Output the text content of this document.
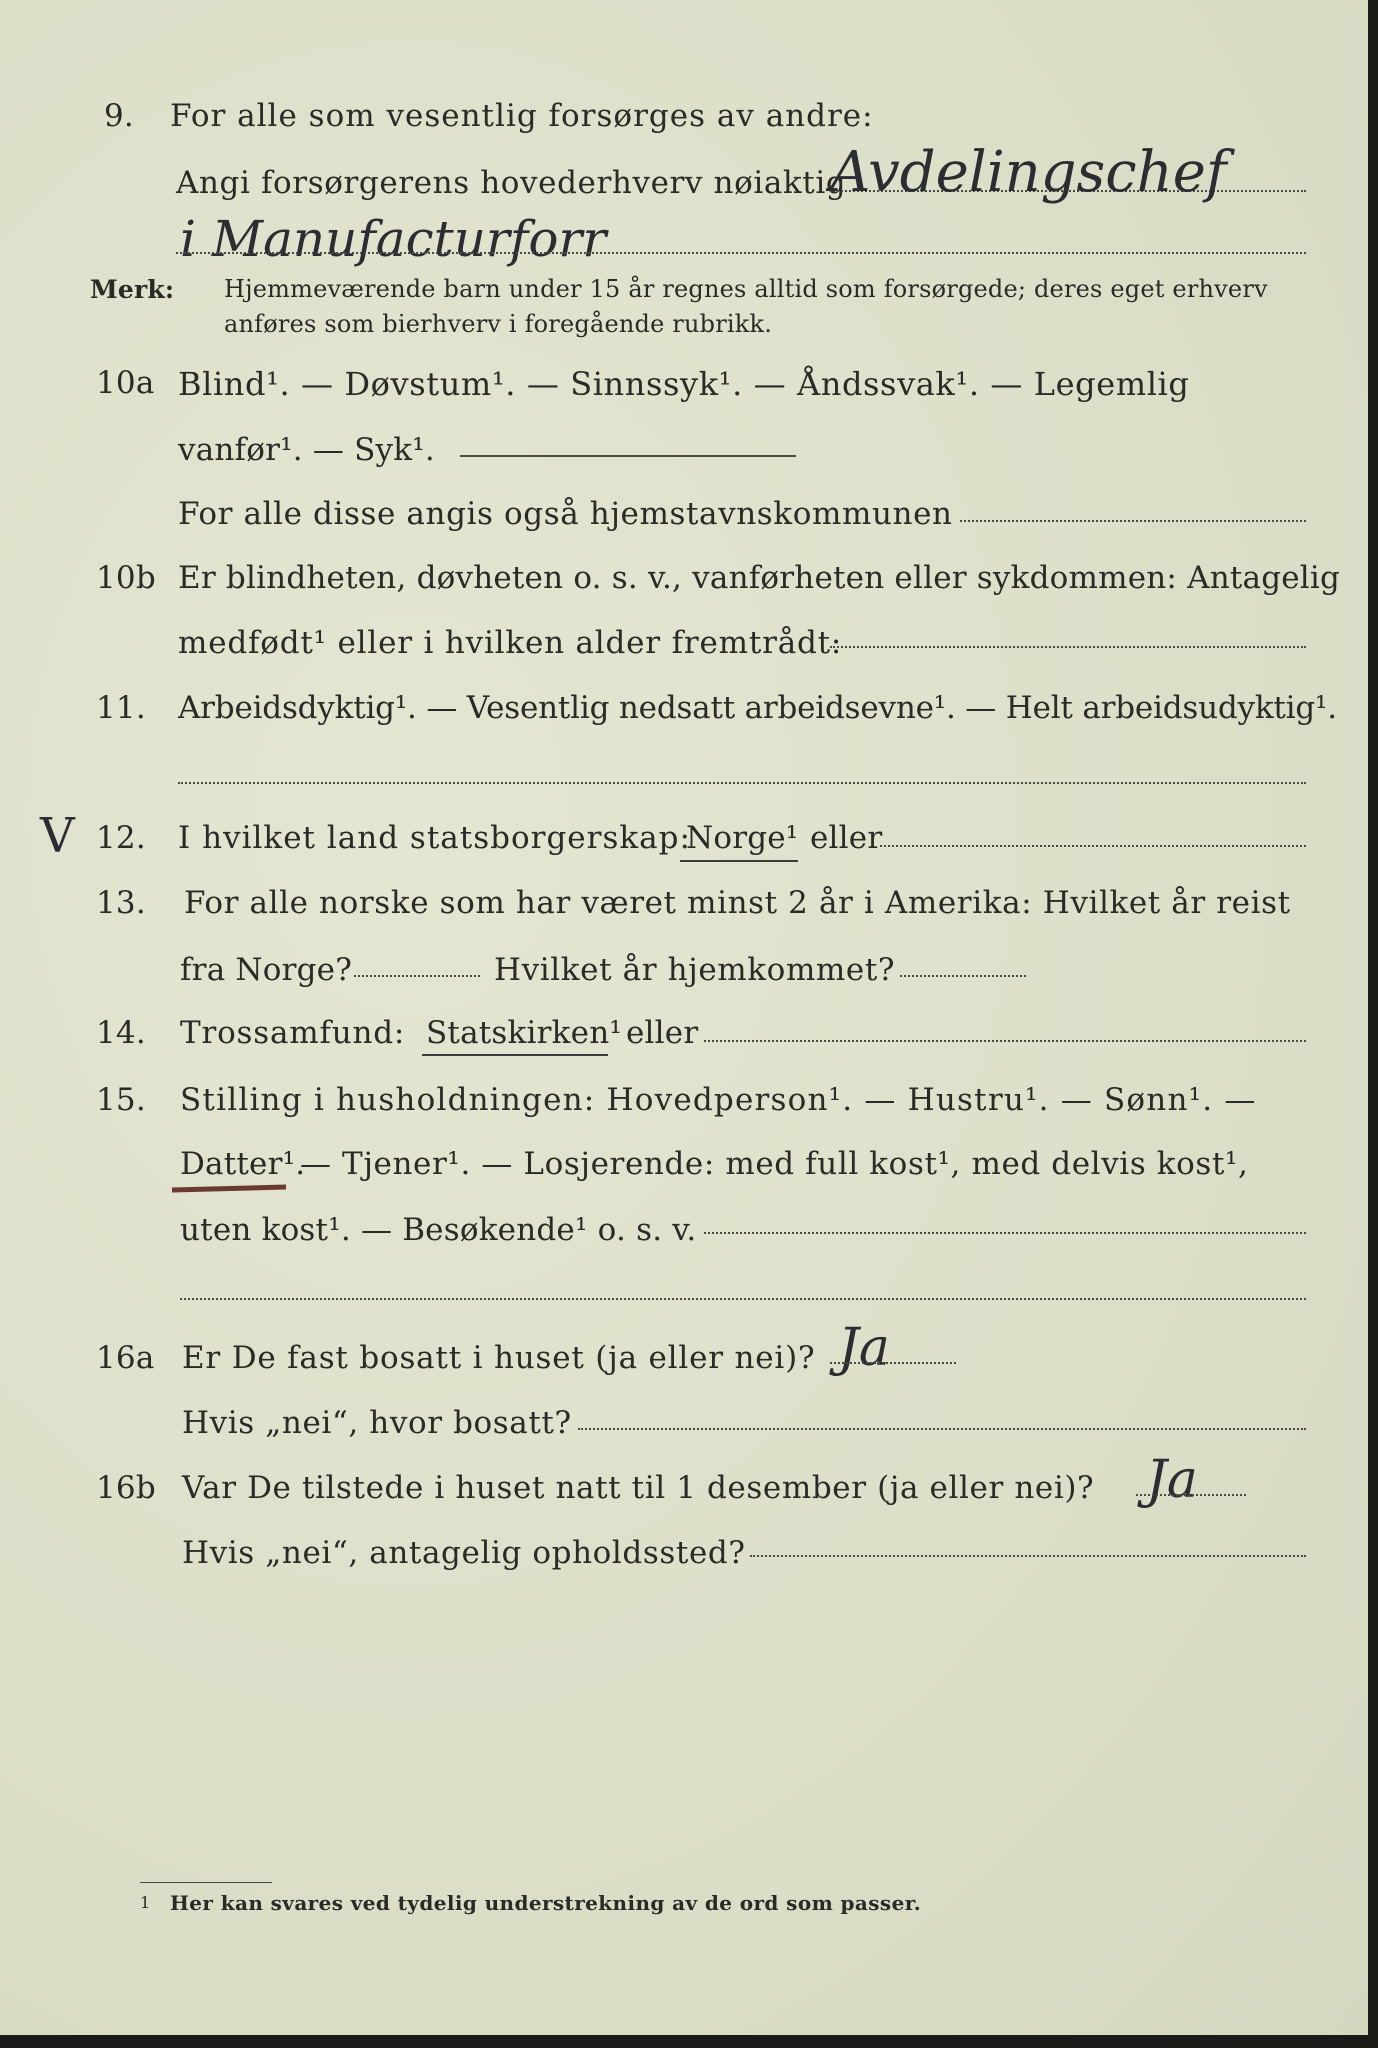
9. For alle som vesentlig forsørges av andre:
Angi forsørgerens hovederhverv nøiaktig
Avdelingschef
i Manufacturforr
Merk: Hjemmeværende barn under 15 år regnes alltid som forsørgede; deres eget erhverv
anføres som bierhverv i foregående rubrikk.
10a Blind¹. — Døvstum¹. — Sinnssyk¹. — Åndssvak¹. — Legemlig
vanfør¹. — Syk¹.
For alle disse angis også hjemstavnskommunen
10b Er blindheten, døvheten o. s. v., vanførheten eller sykdommen: Antagelig
medfødt¹ eller i hvilken alder fremtrådt:
11. Arbeidsdyktig¹. — Vesentlig nedsatt arbeidsevne¹. — Helt arbeidsudyktig¹.
V 12. I hvilket land statsborgerskap:
Norge¹ eller
13. For alle norske som har været minst 2 år i Amerika: Hvilket år reist
fra Norge?	Hvilket år hjemkommet?
14. Trossamfund: Statskirken¹ eller
15. Stilling i husholdningen: Hovedperson¹. — Hustru¹. — Sønn¹. —
Datter¹.
— Tjener¹. — Losjerende: med full kost¹, med delvis kost¹,
uten kost¹. — Besøkende¹ o. s. v.
16a Er De fast bosatt i huset (ja eller nei)? Ja
Hvis „nei“, hvor bosatt?
16b Var De tilstede i huset natt til 1 desember (ja eller nei)? Ja
Hvis „nei“, antagelig opholdssted?
1 Her kan svares ved tydelig understrekning av de ord som passer.
